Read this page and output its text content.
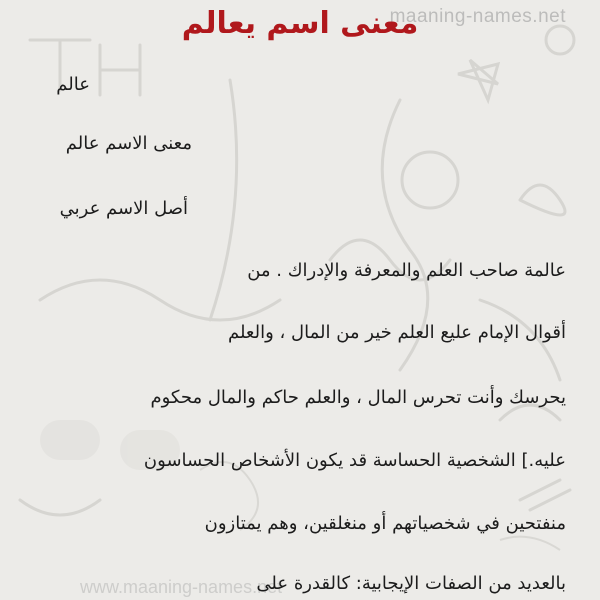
maaning-names.net
www.maaning-names.net
معنى اسم يعالم
عالم
معنى الاسم عالم
أصل الاسم عربي
عالمة صاحب العلم والمعرفة والإدراك . من
أقوال الإمام عليع العلم خير من المال ، والعلم
يحرسك وأنت تحرس المال ، والعلم حاكم والمال محكوم
عليه.] الشخصية الحساسة قد يكون الأشخاص الحساسون
منفتحين في شخصياتهم أو منغلقين، وهم يمتازون
بالعديد من الصفات الإيجابية: كالقدرة على
